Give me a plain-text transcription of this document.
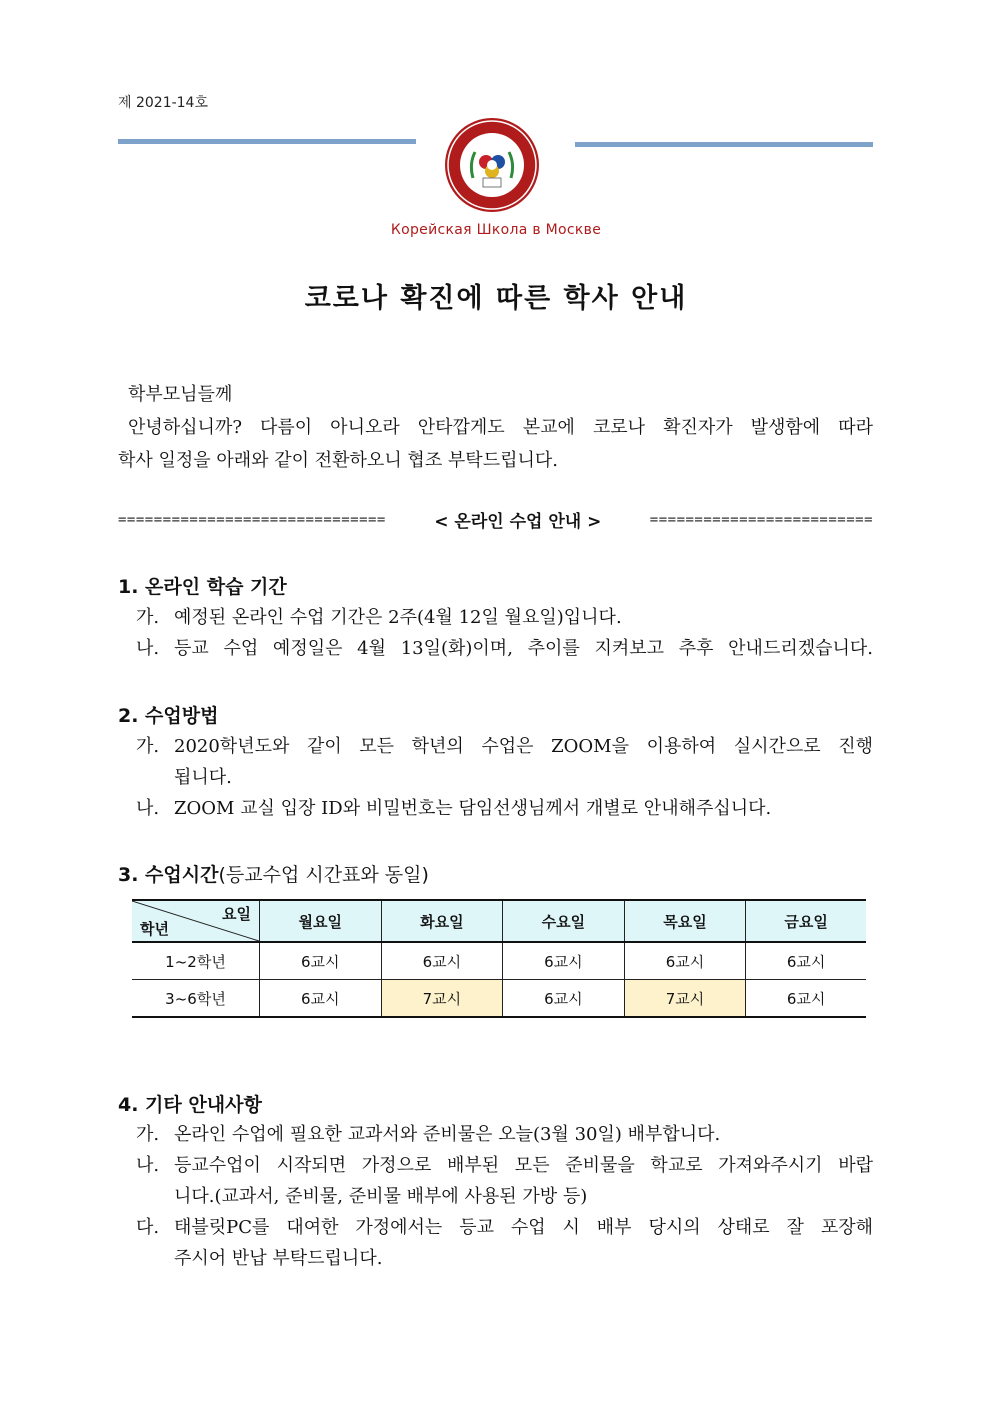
제 2021-14호
Корейская Школа в Москве
코로나 확진에 따른 학사 안내
학부모님들께
안녕하십니까? 다름이 아니오라 안타깝게도 본교에 코로나 확진자가 발생함에 따라
학사 일정을 아래와 같이 전환하오니 협조 부탁드립니다.
==============================	< 온라인 수업 안내 >	=========================
1. 온라인 학습 기간
가. 예정된 온라인 수업 기간은 2주(4월 12일 월요일)입니다.
나. 등교 수업 예정일은 4월 13일(화)이며, 추이를 지켜보고 추후 안내드리겠습니다.
2. 수업방법
가. 2020학년도와 같이 모든 학년의 수업은 ZOOM을 이용하여 실시간으로 진행
됩니다.
나. ZOOM 교실 입장 ID와 비밀번호는 담임선생님께서 개별로 안내해주십니다.
3. 수업시간(등교수업 시간표와 동일)
요일
학년	월요일	화요일	수요일	목요일	금요일
1~2학년	6교시	6교시	6교시	6교시	6교시
3~6학년	6교시	7교시	6교시	7교시	6교시
4. 기타 안내사항
가. 온라인 수업에 필요한 교과서와 준비물은 오늘(3월 30일) 배부합니다.
나. 등교수업이 시작되면 가정으로 배부된 모든 준비물을 학교로 가져와주시기 바랍
니다.(교과서, 준비물, 준비물 배부에 사용된 가방 등)
다. 태블릿PC를 대여한 가정에서는 등교 수업 시 배부 당시의 상태로 잘 포장해
주시어 반납 부탁드립니다.
